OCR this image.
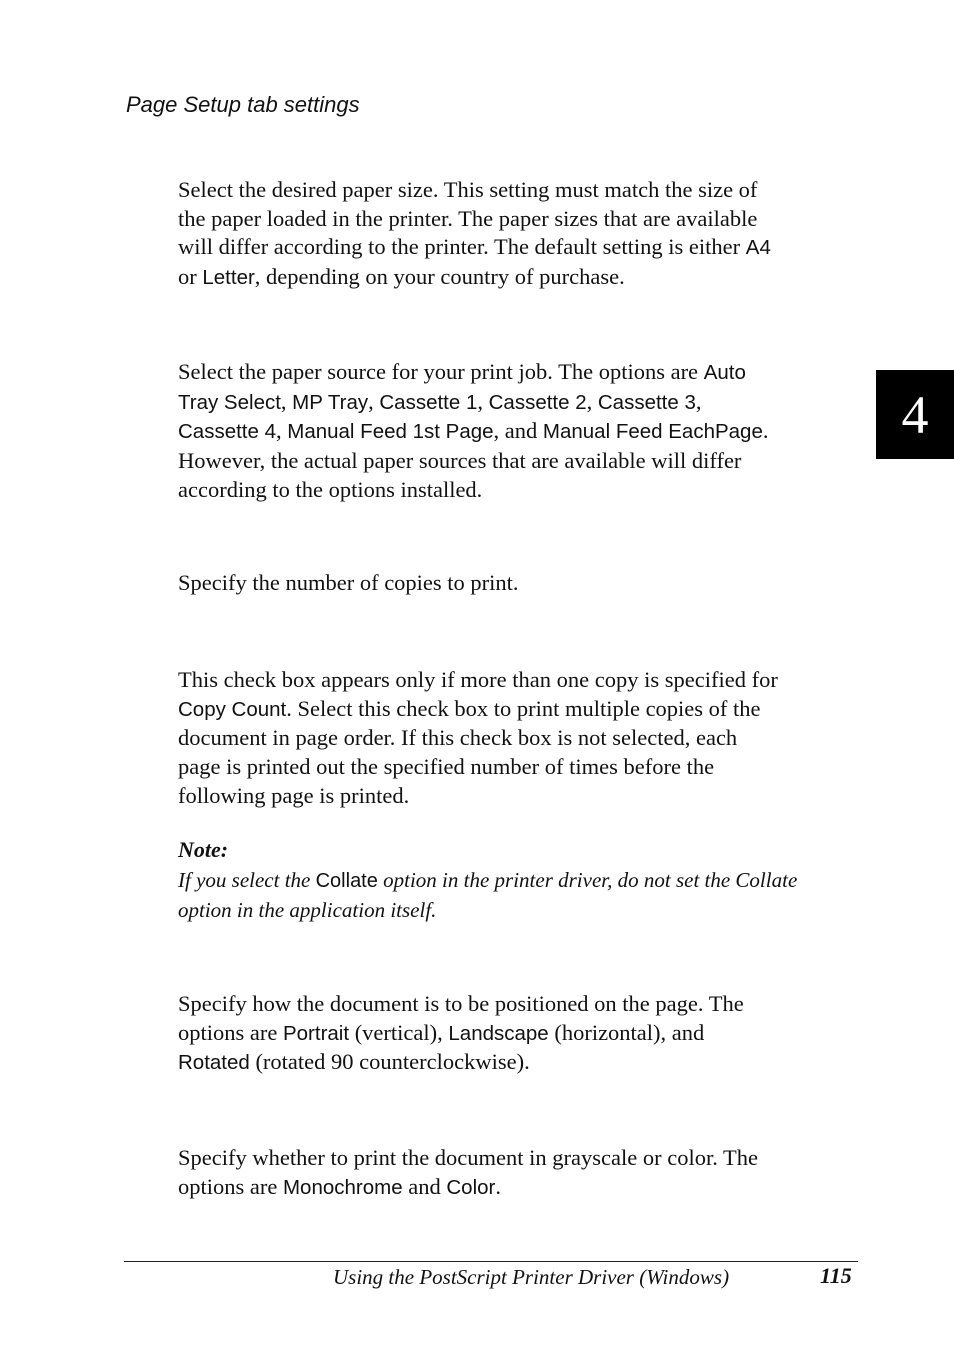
Page Setup tab settings
4
Select the desired paper size. This setting must match the size of
the paper loaded in the printer. The paper sizes that are available
will differ according to the printer. The default setting is either A4
or Letter, depending on your country of purchase.
Select the paper source for your print job. The options are Auto
Tray Select, MP Tray, Cassette 1, Cassette 2, Cassette 3,
Cassette 4, Manual Feed 1st Page, and Manual Feed EachPage.
However, the actual paper sources that are available will differ
according to the options installed.
Specify the number of copies to print.
This check box appears only if more than one copy is specified for
Copy Count. Select this check box to print multiple copies of the
document in page order. If this check box is not selected, each
page is printed out the specified number of times before the
following page is printed.
Note:
If you select the Collate option in the printer driver, do not set the Collate
option in the application itself.
Specify how the document is to be positioned on the page. The
options are Portrait (vertical), Landscape (horizontal), and
Rotated (rotated 90 counterclockwise).
Specify whether to print the document in grayscale or color. The
options are Monochrome and Color.
Using the PostScript Printer Driver (Windows)	115
